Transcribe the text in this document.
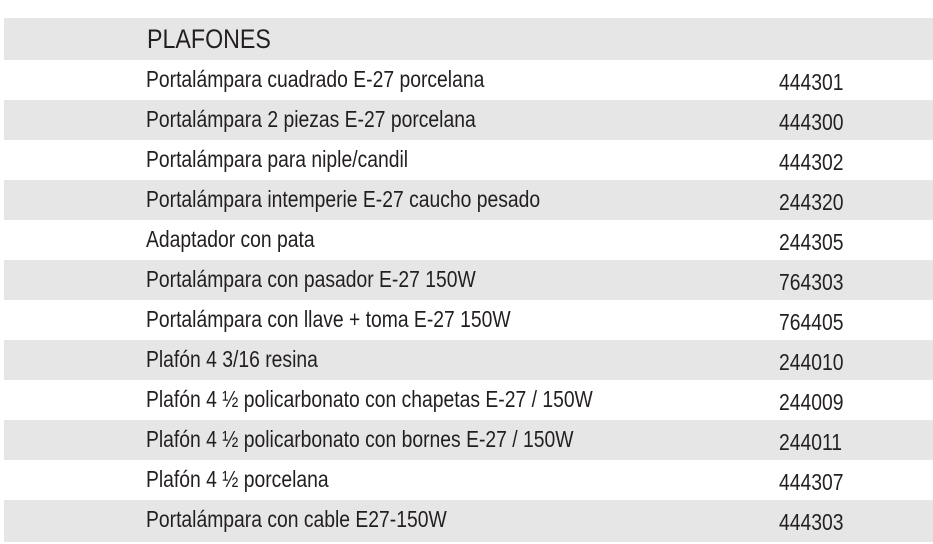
PLAFONES
Portalámpara cuadrado E-27 porcelana	444301
Portalámpara 2 piezas E-27 porcelana	444300
Portalámpara para niple/candil	444302
Portalámpara intemperie E-27 caucho pesado	244320
Adaptador con pata	244305
Portalámpara con pasador E-27 150W	764303
Portalámpara con llave + toma E-27 150W	764405
Plafón 4 3/16 resina	244010
Plafón 4 ½ policarbonato con chapetas E-27 / 150W	244009
Plafón 4 ½ policarbonato con bornes E-27 / 150W	244011
Plafón 4 ½ porcelana	444307
Portalámpara con cable E27-150W	444303
